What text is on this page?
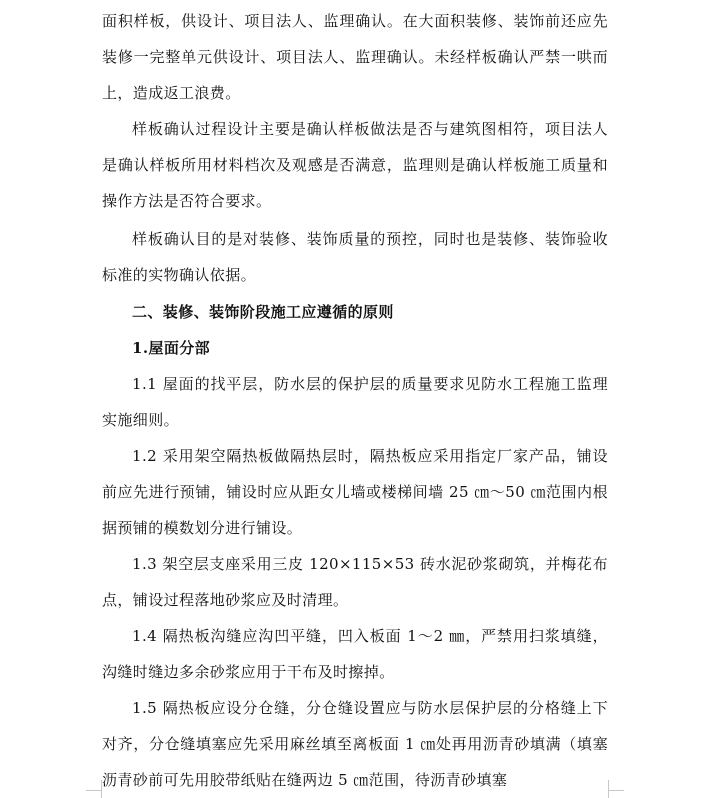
面积样板，供设计、项目法人、监理确认。在大面积装修、装饰前还应先装修一完整单元供设计、项目法人、监理确认。未经样板确认严禁一哄而上，造成返工浪费。

样板确认过程设计主要是确认样板做法是否与建筑图相符，项目法人是确认样板所用材料档次及观感是否满意，监理则是确认样板施工质量和操作方法是否符合要求。

样板确认目的是对装修、装饰质量的预控，同时也是装修、装饰验收标准的实物确认依据。

二、装修、装饰阶段施工应遵循的原则

1.屋面分部

1.1 屋面的找平层，防水层的保护层的质量要求见防水工程施工监理实施细则。

1.2 采用架空隔热板做隔热层时，隔热板应采用指定厂家产品，铺设前应先进行预铺，铺设时应从距女儿墙或楼梯间墙 25 ㎝～50 ㎝范围内根据预铺的模数划分进行铺设。

1.3 架空层支座采用三皮 120×115×53 砖水泥砂浆砌筑，并梅花布点，铺设过程落地砂浆应及时清理。

1.4 隔热板沟缝应沟凹平缝，凹入板面 1～2 ㎜，严禁用扫浆填缝，沟缝时缝边多余砂浆应用于干布及时擦掉。

1.5 隔热板应设分仓缝，分仓缝设置应与防水层保护层的分格缝上下对齐，分仓缝填塞应先采用麻丝填至离板面 1 ㎝处再用沥青砂填满（填塞沥青砂前可先用胶带纸贴在缝两边 5 ㎝范围，待沥青砂填塞
